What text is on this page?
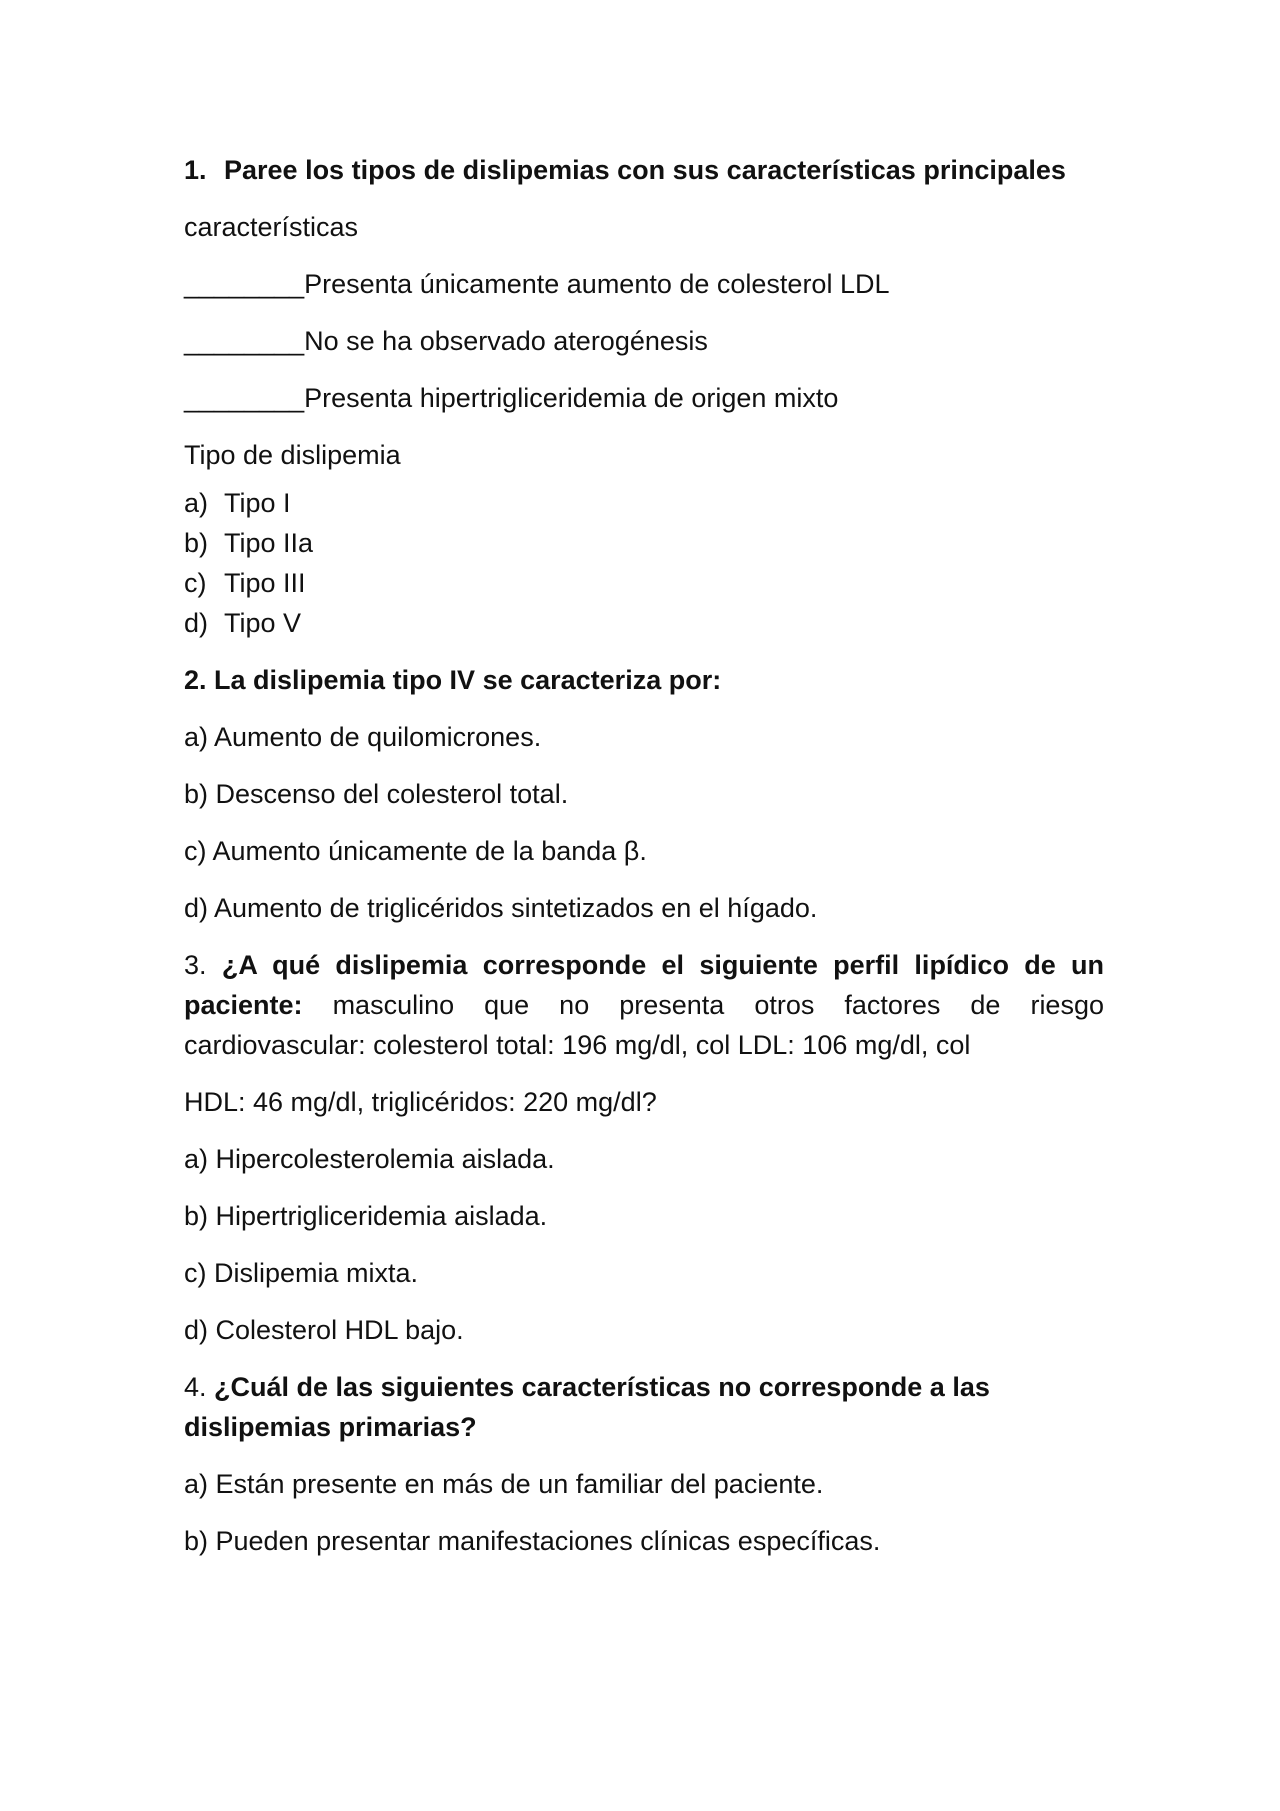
1. Paree los tipos de dislipemias con sus características principales

características

________Presenta únicamente aumento de colesterol LDL

________No se ha observado aterogénesis

________Presenta hipertrigliceridemia de origen mixto

Tipo de dislipemia

a) Tipo I
b) Tipo IIa
c) Tipo III
d) Tipo V

2. La dislipemia tipo IV se caracteriza por:

a) Aumento de quilomicrones.

b) Descenso del colesterol total.

c) Aumento únicamente de la banda β.

d) Aumento de triglicéridos sintetizados en el hígado.

3. ¿A qué dislipemia corresponde el siguiente perfil lipídico de un paciente: masculino que no presenta otros factores de riesgo cardiovascular: colesterol total: 196 mg/dl, col LDL: 106 mg/dl, col

HDL: 46 mg/dl, triglicéridos: 220 mg/dl?

a) Hipercolesterolemia aislada.

b) Hipertrigliceridemia aislada.

c) Dislipemia mixta.

d) Colesterol HDL bajo.

4. ¿Cuál de las siguientes características no corresponde a las dislipemias primarias?

a) Están presente en más de un familiar del paciente.

b) Pueden presentar manifestaciones clínicas específicas.
